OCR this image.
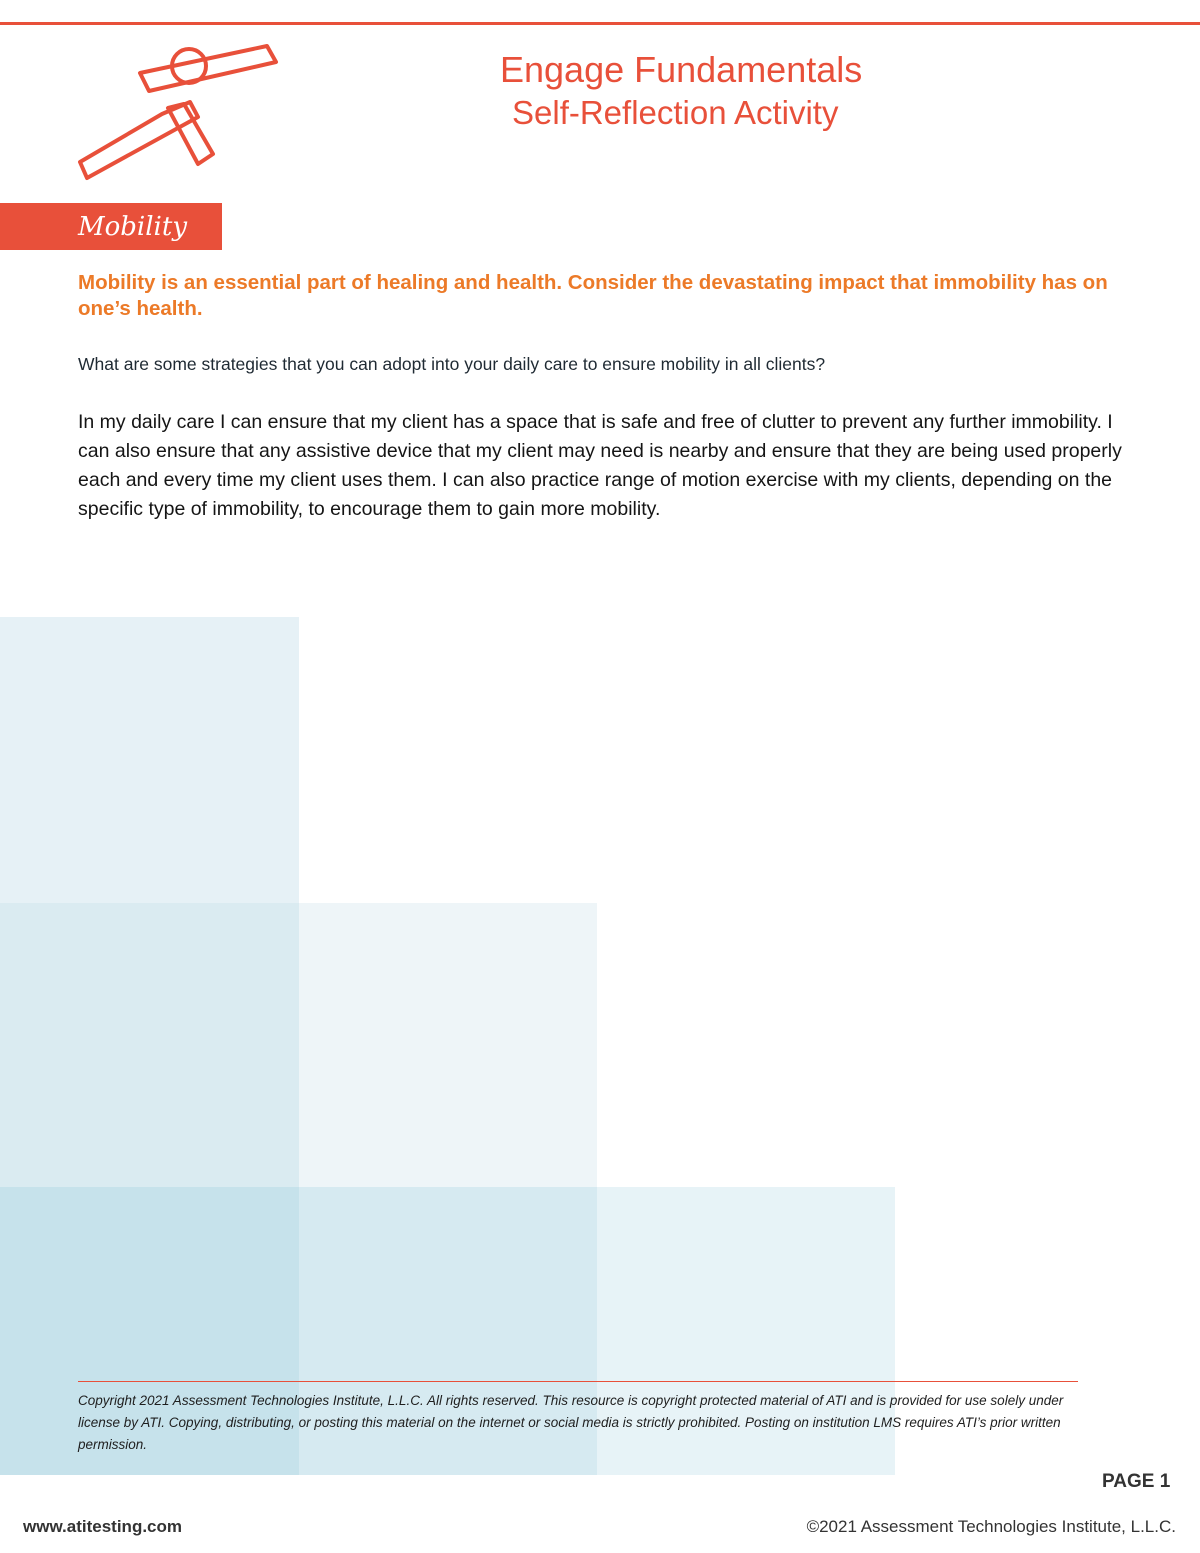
Engage Fundamentals
Self-Reflection Activity
Mobility
Mobility is an essential part of healing and health. Consider the devastating impact that immobility has on one’s health.
What are some strategies that you can adopt into your daily care to ensure mobility in all clients?
In my daily care I can ensure that my client has a space that is safe and free of clutter to prevent any further immobility. I can also ensure that any assistive device that my client may need is nearby and ensure that they are being used properly each and every time my client uses them. I can also practice range of motion exercise with my clients, depending on the specific type of immobility, to encourage them to gain more mobility.
Copyright 2021 Assessment Technologies Institute, L.L.C. All rights reserved. This resource is copyright protected material of ATI and is provided for use solely under license by ATI. Copying, distributing, or posting this material on the internet or social media is strictly prohibited. Posting on institution LMS requires ATI’s prior written permission.
PAGE 1
www.atitesting.com	©2021 Assessment Technologies Institute, L.L.C.
